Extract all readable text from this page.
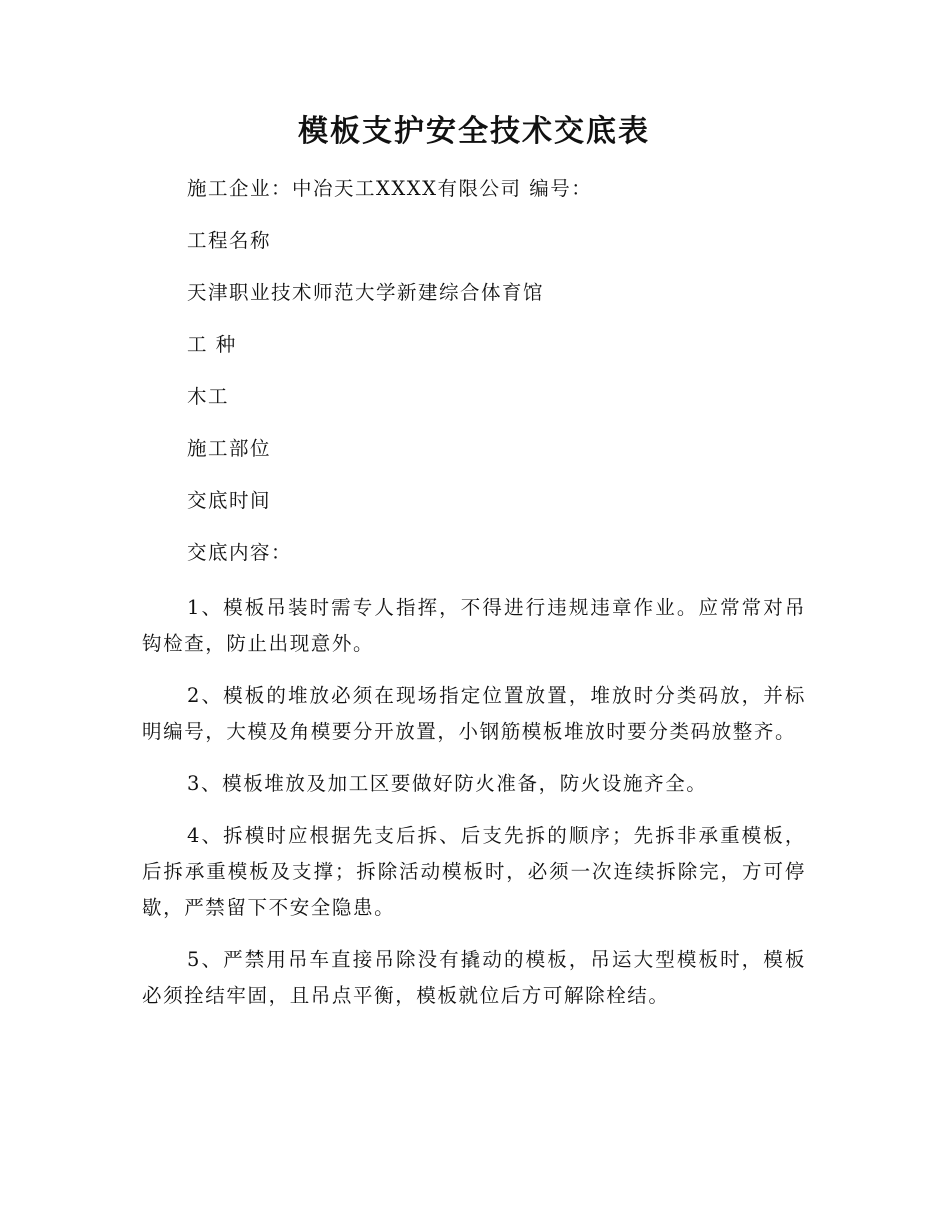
模板支护安全技术交底表
施工企业：中冶天工XXXX有限公司 编号：
工程名称
天津职业技术师范大学新建综合体育馆
工 种
木工
施工部位
交底时间
交底内容：

1、模板吊装时需专人指挥，不得进行违规违章作业。应常常对吊钩检查，防止出现意外。

2、模板的堆放必须在现场指定位置放置，堆放时分类码放，并标明编号，大模及角模要分开放置，小钢筋模板堆放时要分类码放整齐。

3、模板堆放及加工区要做好防火准备，防火设施齐全。

4、拆模时应根据先支后拆、后支先拆的顺序；先拆非承重模板，后拆承重模板及支撑；拆除活动模板时，必须一次连续拆除完，方可停歇，严禁留下不安全隐患。

5、严禁用吊车直接吊除没有撬动的模板，吊运大型模板时，模板必须拴结牢固，且吊点平衡，模板就位后方可解除栓结。
